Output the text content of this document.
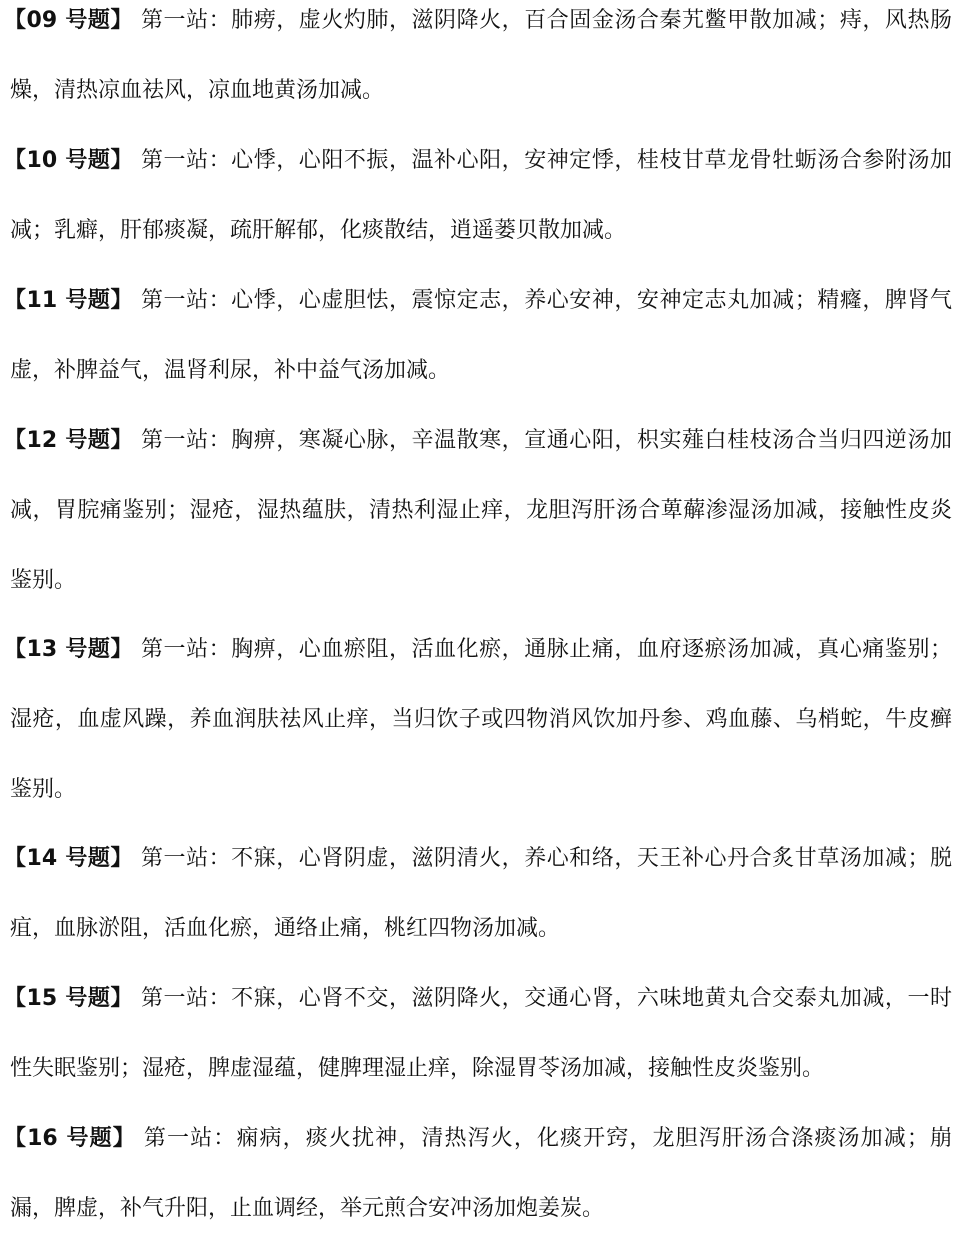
【09 号题】 第一站：肺痨，虚火灼肺，滋阴降火，百合固金汤合秦艽鳖甲散加减；痔，风热肠燥，清热凉血祛风，凉血地黄汤加减。

【10 号题】 第一站：心悸，心阳不振，温补心阳，安神定悸，桂枝甘草龙骨牡蛎汤合参附汤加减；乳癖，肝郁痰凝，疏肝解郁，化痰散结，逍遥蒌贝散加减。

【11 号题】 第一站：心悸，心虚胆怯，震惊定志，养心安神，安神定志丸加减；精癃，脾肾气虚，补脾益气，温肾利尿，补中益气汤加减。

【12 号题】 第一站：胸痹，寒凝心脉，辛温散寒，宣通心阳，枳实薤白桂枝汤合当归四逆汤加减，胃脘痛鉴别；湿疮，湿热蕴肤，清热利湿止痒，龙胆泻肝汤合萆薢渗湿汤加减，接触性皮炎鉴别。

【13 号题】 第一站：胸痹，心血瘀阻，活血化瘀，通脉止痛，血府逐瘀汤加减，真心痛鉴别；湿疮，血虚风躁，养血润肤祛风止痒，当归饮子或四物消风饮加丹参、鸡血藤、乌梢蛇，牛皮癣鉴别。

【14 号题】 第一站：不寐，心肾阴虚，滋阴清火，养心和络，天王补心丹合炙甘草汤加减；脱疽，血脉淤阻，活血化瘀，通络止痛，桃红四物汤加减。

【15 号题】 第一站：不寐，心肾不交，滋阴降火，交通心肾，六味地黄丸合交泰丸加减，一时性失眠鉴别；湿疮，脾虚湿蕴，健脾理湿止痒，除湿胃苓汤加减，接触性皮炎鉴别。

【16 号题】 第一站：痫病，痰火扰神，清热泻火，化痰开窍，龙胆泻肝汤合涤痰汤加减；崩漏，脾虚，补气升阳，止血调经，举元煎合安冲汤加炮姜炭。
